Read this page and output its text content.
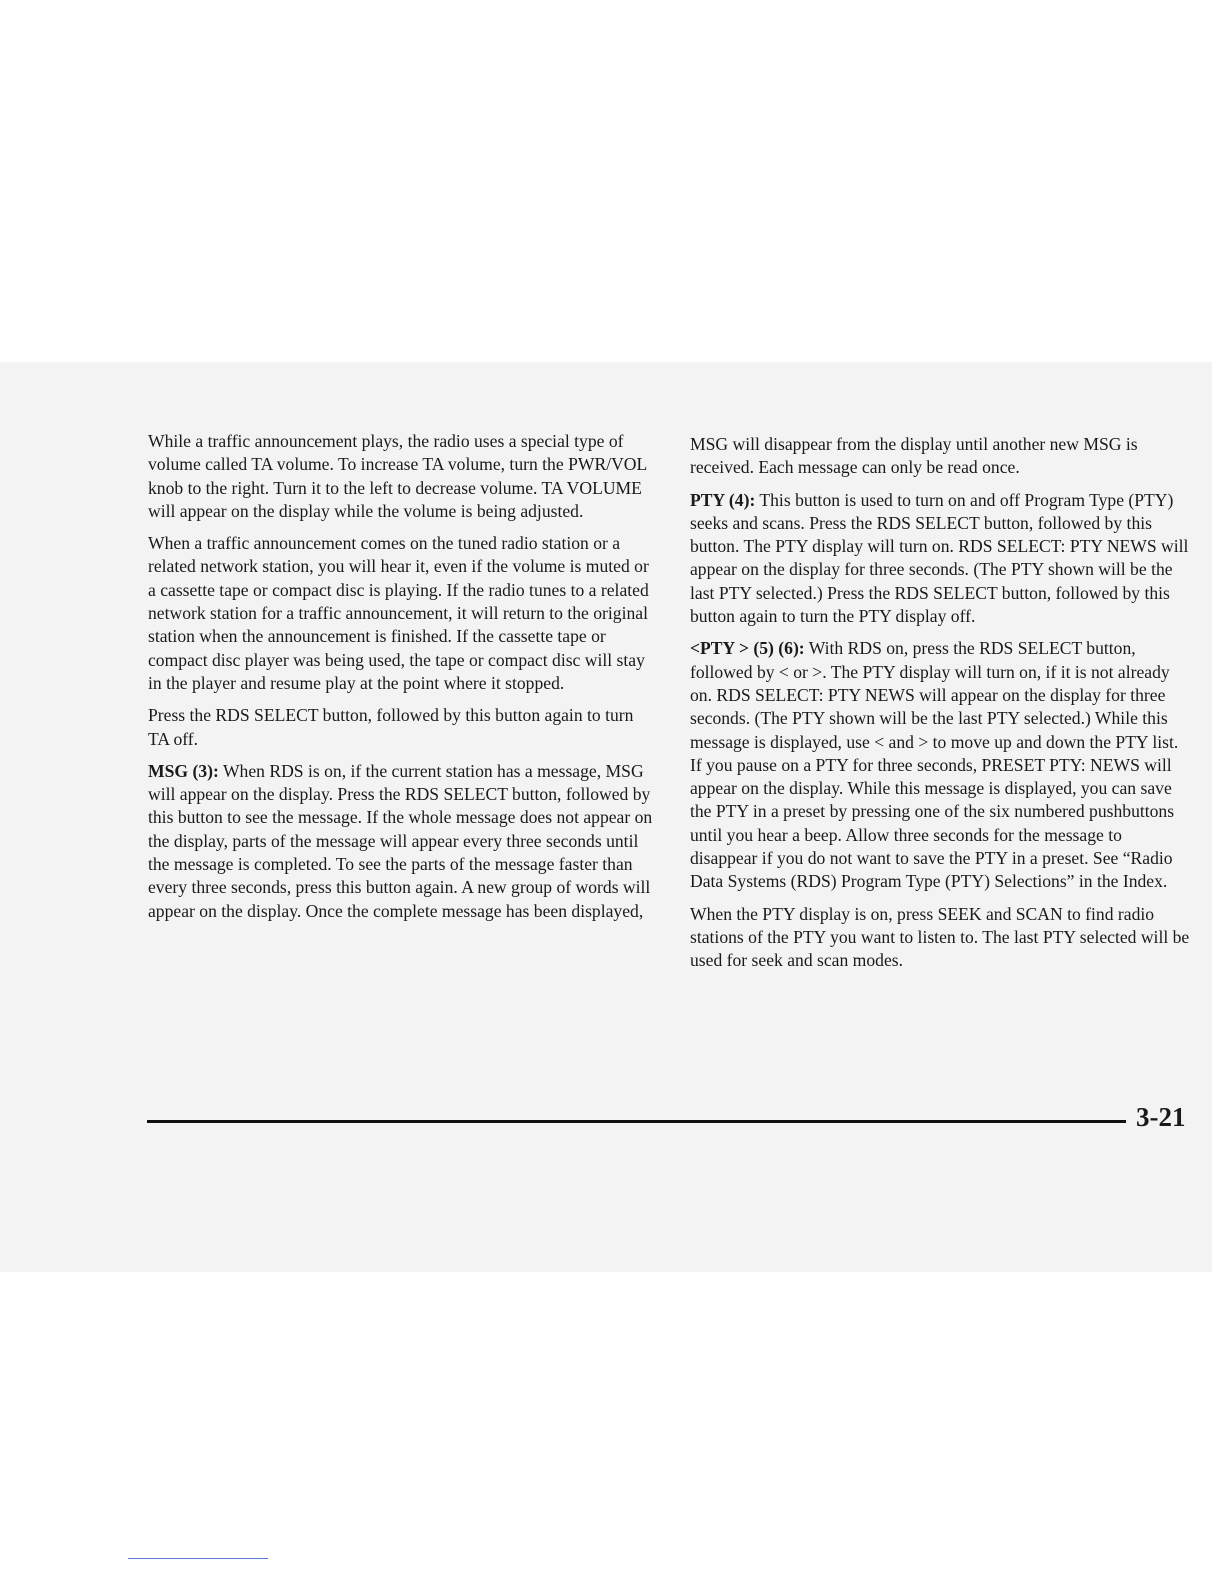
While a traffic announcement plays, the radio uses a special type of volume called TA volume. To increase TA volume, turn the PWR/VOL knob to the right. Turn it to the left to decrease volume. TA VOLUME will appear on the display while the volume is being adjusted.

When a traffic announcement comes on the tuned radio station or a related network station, you will hear it, even if the volume is muted or a cassette tape or compact disc is playing. If the radio tunes to a related network station for a traffic announcement, it will return to the original station when the announcement is finished. If the cassette tape or compact disc player was being used, the tape or compact disc will stay in the player and resume play at the point where it stopped.

Press the RDS SELECT button, followed by this button again to turn TA off.

MSG (3): When RDS is on, if the current station has a message, MSG will appear on the display. Press the RDS SELECT button, followed by this button to see the message. If the whole message does not appear on the display, parts of the message will appear every three seconds until the message is completed. To see the parts of the message faster than every three seconds, press this button again. A new group of words will appear on the display. Once the complete message has been displayed,

MSG will disappear from the display until another new MSG is received. Each message can only be read once.

PTY (4): This button is used to turn on and off Program Type (PTY) seeks and scans. Press the RDS SELECT button, followed by this button. The PTY display will turn on. RDS SELECT: PTY NEWS will appear on the display for three seconds. (The PTY shown will be the last PTY selected.) Press the RDS SELECT button, followed by this button again to turn the PTY display off.

<PTY > (5) (6): With RDS on, press the RDS SELECT button, followed by < or >. The PTY display will turn on, if it is not already on. RDS SELECT: PTY NEWS will appear on the display for three seconds. (The PTY shown will be the last PTY selected.) While this message is displayed, use < and > to move up and down the PTY list. If you pause on a PTY for three seconds, PRESET PTY: NEWS will appear on the display. While this message is displayed, you can save the PTY in a preset by pressing one of the six numbered pushbuttons until you hear a beep. Allow three seconds for the message to disappear if you do not want to save the PTY in a preset. See “Radio Data Systems (RDS) Program Type (PTY) Selections” in the Index.

When the PTY display is on, press SEEK and SCAN to find radio stations of the PTY you want to listen to. The last PTY selected will be used for seek and scan modes.

3-21
